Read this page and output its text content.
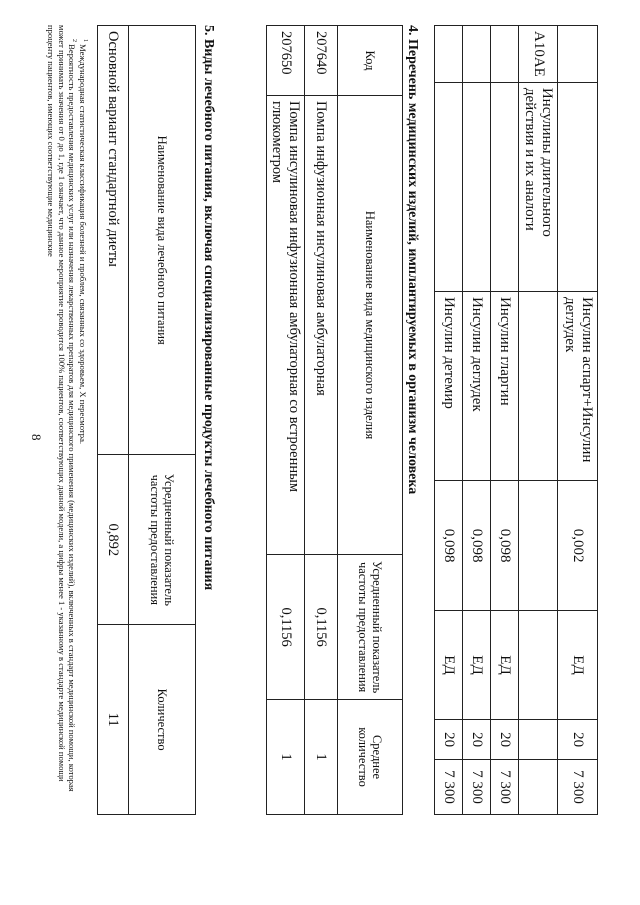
8
			Инсулин аспарт+Инсулин деглудек	0,002	ЕД	20	7 300
A10AE	Инсулины длительного действия и их аналоги					
		Инсулин гларгин	0,098	ЕД	20	7 300
		Инсулин деглудек	0,098	ЕД	20	7 300
		Инсулин детемир	0,098	ЕД	20	7 300
4. Перечень медицинских изделий, имплантируемых в организм человека
Код	Наименование вида медицинского изделия	Усредненный показатель частоты предоставления	Среднее количество
207640	Помпа инфузионная инсулиновая амбулаторная	0,1156	1
207650	Помпа инсулиновая инфузионная амбулаторная со встроенным глюкометром	0,1156	1
5. Виды лечебного питания, включая специализированные продукты лечебного питания
Наименование вида лечебного питания	Усредненный показатель частоты предоставления	Количество
Основной вариант стандартной диеты	0,892	11

$^1$ Международная статистическая классификация болезней и проблем, связанных со здоровьем, X пересмотра.

$^2$ Вероятность предоставления медицинских услуг или назначения лекарственных препаратов для медицинского применения (медицинских изделий), включенных в стандарт медицинской помощи, которая может принимать значения от 0 до 1, где 1 означает, что данное мероприятие проводится 100% пациентов, соответствующих данной модели, а цифры менее 1 - указанному в стандарте медицинской помощи проценту пациентов, имеющих соответствующие медицинские
